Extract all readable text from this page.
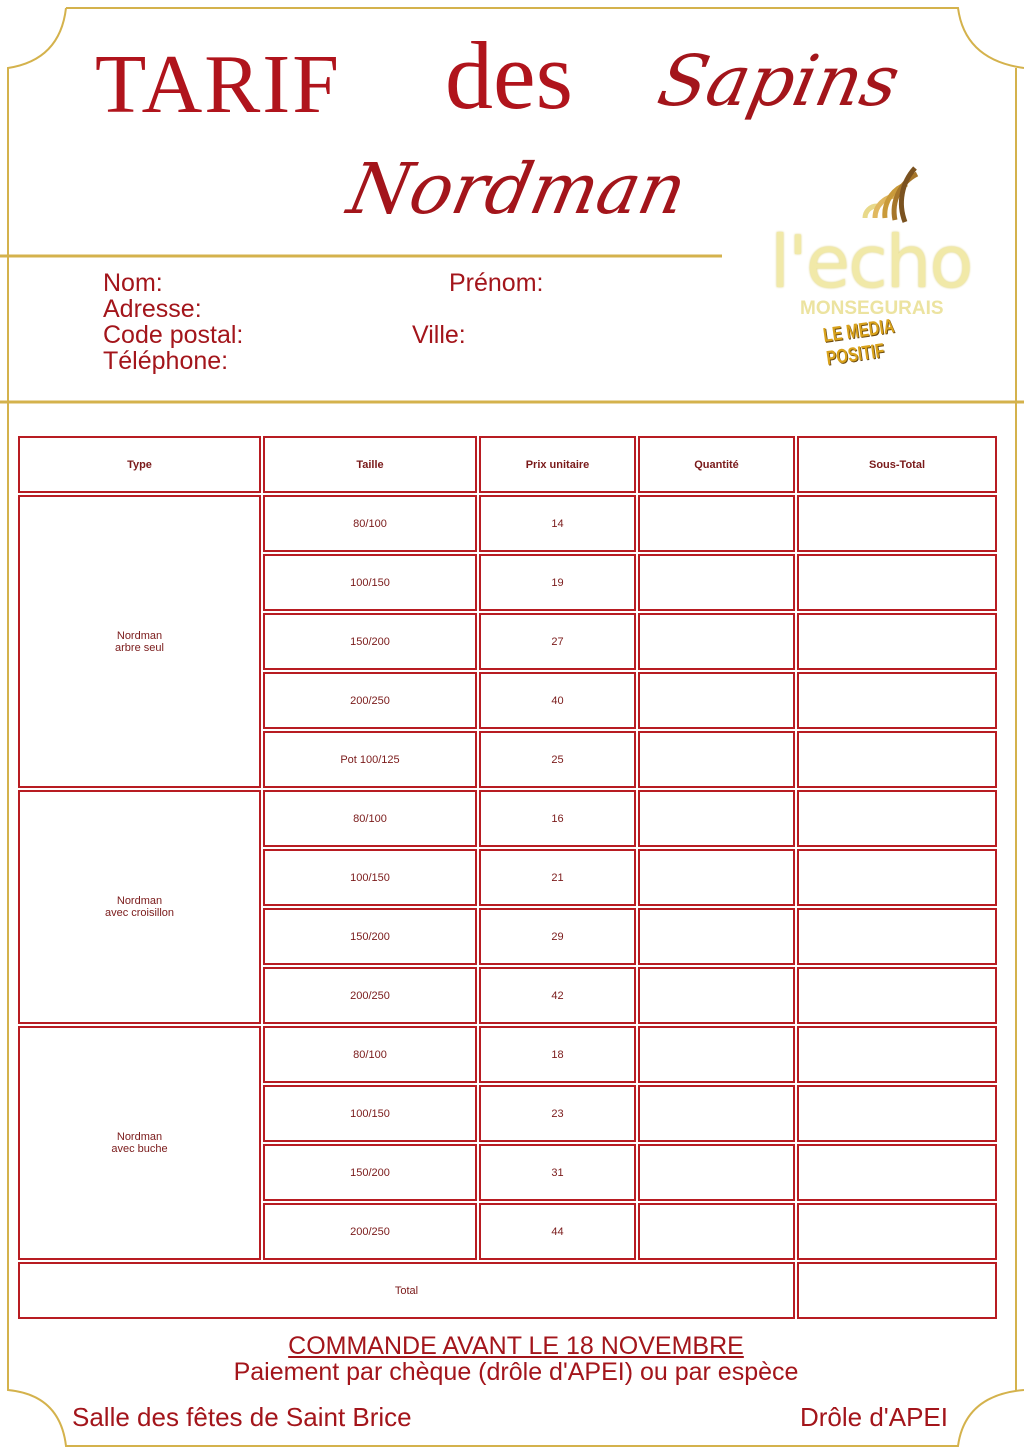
TARIF des Sapins
Nordman
Nom:	Prénom:
Adresse:
Code postal:	Ville:
Téléphone:
l'echo
MONSEGURAIS
LE MEDIA POSITIF
Type	Taille	Prix unitaire	Quantité	Sous-Total

Nordman
arbre seul	80/100	14		
	100/150	19		
	150/200	27		
	200/250	40		
	Pot 100/125	25		

Nordman
avec croisillon	80/100	16		
	100/150	21		
	150/200	29		
	200/250	42		

Nordman
avec buche	80/100	18		
	100/150	23		
	150/200	31		
	200/250	44		
Total				
COMMANDE AVANT LE 18 NOVEMBRE
Paiement par chèque (drôle d'APEI) ou par espèce
Salle des fêtes de Saint Brice	Drôle d'APEI
